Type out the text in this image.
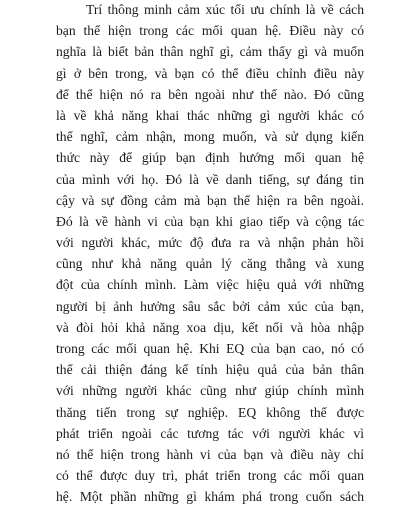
Trí thông minh cảm xúc tối ưu chính là về cách
bạn thể hiện trong các mối quan hệ. Điều này có
nghĩa là biết bản thân nghĩ gì, cảm thấy gì và muốn
gì ở bên trong, và bạn có thể điều chỉnh điều này
để thể hiện nó ra bên ngoài như thế nào. Đó cũng
là về khả năng khai thác những gì người khác có
thể nghĩ, cảm nhận, mong muốn, và sử dụng kiến
thức này để giúp bạn định hướng mối quan hệ
của mình với họ. Đó là về danh tiếng, sự đáng tin
cậy và sự đồng cảm mà bạn thể hiện ra bên ngoài.
Đó là về hành vi của bạn khi giao tiếp và cộng tác
với người khác, mức độ đưa ra và nhận phản hồi
cũng như khả năng quản lý căng thẳng và xung
đột của chính mình. Làm việc hiệu quả với những
người bị ảnh hưởng sâu sắc bởi cảm xúc của bạn,
và đòi hỏi khả năng xoa dịu, kết nối và hòa nhập
trong các mối quan hệ. Khi EQ của bạn cao, nó có
thể cải thiện đáng kể tính hiệu quả của bản thân
với những người khác cũng như giúp chính mình
thăng tiến trong sự nghiệp. EQ không thể được
phát triển ngoài các tương tác với người khác vì
nó thể hiện trong hành vi của bạn và điều này chỉ
có thể được duy trì, phát triển trong các mối quan
hệ. Một phần những gì khám phá trong cuốn sách
